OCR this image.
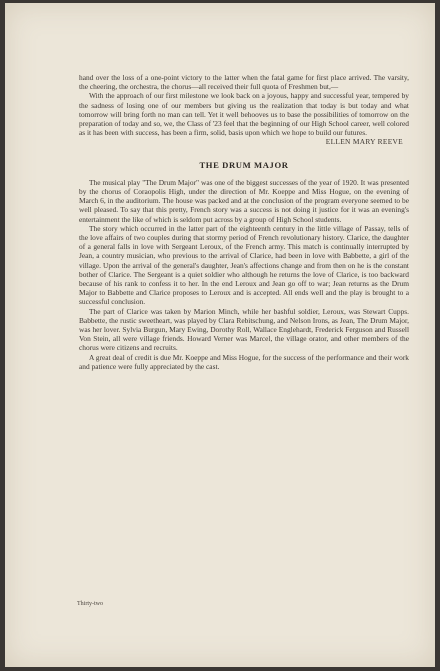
hand over the loss of a one-point victory to the latter when the fatal game for first place arrived. The varsity, the cheering, the orchestra, the chorus—all received their full quota of Freshmen but,—

With the approach of our first milestone we look back on a joyous, happy and successful year, tempered by the sadness of losing one of our members but giving us the realization that today is but today and what tomorrow will bring forth no man can tell. Yet it well behooves us to base the possibilities of tomorrow on the preparation of today and so, we, the Class of '23 feel that the beginning of our High School career, well colored as it has been with success, has been a firm, solid, basis upon which we hope to build our futures.

ELLEN MARY REEVE

THE DRUM MAJOR

The musical play "The Drum Major" was one of the biggest successes of the year of 1920. It was presented by the chorus of Coraopolis High, under the direction of Mr. Koeppe and Miss Hogue, on the evening of March 6, in the auditorium. The house was packed and at the conclusion of the program everyone seemed to be well pleased. To say that this pretty, French story was a success is not doing it justice for it was an evening's entertainment the like of which is seldom put across by a group of High School students.

The story which occurred in the latter part of the eighteenth century in the little village of Passay, tells of the love affairs of two couples during that stormy period of French revolutionary history. Clarice, the daughter of a general falls in love with Sergeant Leroux, of the French army. This match is continually interrupted by Jean, a country musician, who previous to the arrival of Clarice, had been in love with Babbette, a girl of the village. Upon the arrival of the general's daughter, Jean's affections change and from then on he is the constant bother of Clarice. The Sergeant is a quiet soldier who although he returns the love of Clarice, is too backward because of his rank to confess it to her. In the end Leroux and Jean go off to war; Jean returns as the Drum Major to Babbette and Clarice proposes to Leroux and is accepted. All ends well and the play is brought to a successful conclusion.

The part of Clarice was taken by Marion Minch, while her bashful soldier, Leroux, was Stewart Cupps. Babbette, the rustic sweetheart, was played by Clara Rebitschung, and Nelson Irons, as Jean, The Drum Major, was her lover. Sylvia Burgun, Mary Ewing, Dorothy Roll, Wallace Englehardt, Frederick Ferguson and Russell Von Stein, all were village friends. Howard Verner was Marcel, the village orator, and other members of the chorus were citizens and recruits.

A great deal of credit is due Mr. Koeppe and Miss Hogue, for the success of the performance and their work and patience were fully appreciated by the cast.

Thirty-two
